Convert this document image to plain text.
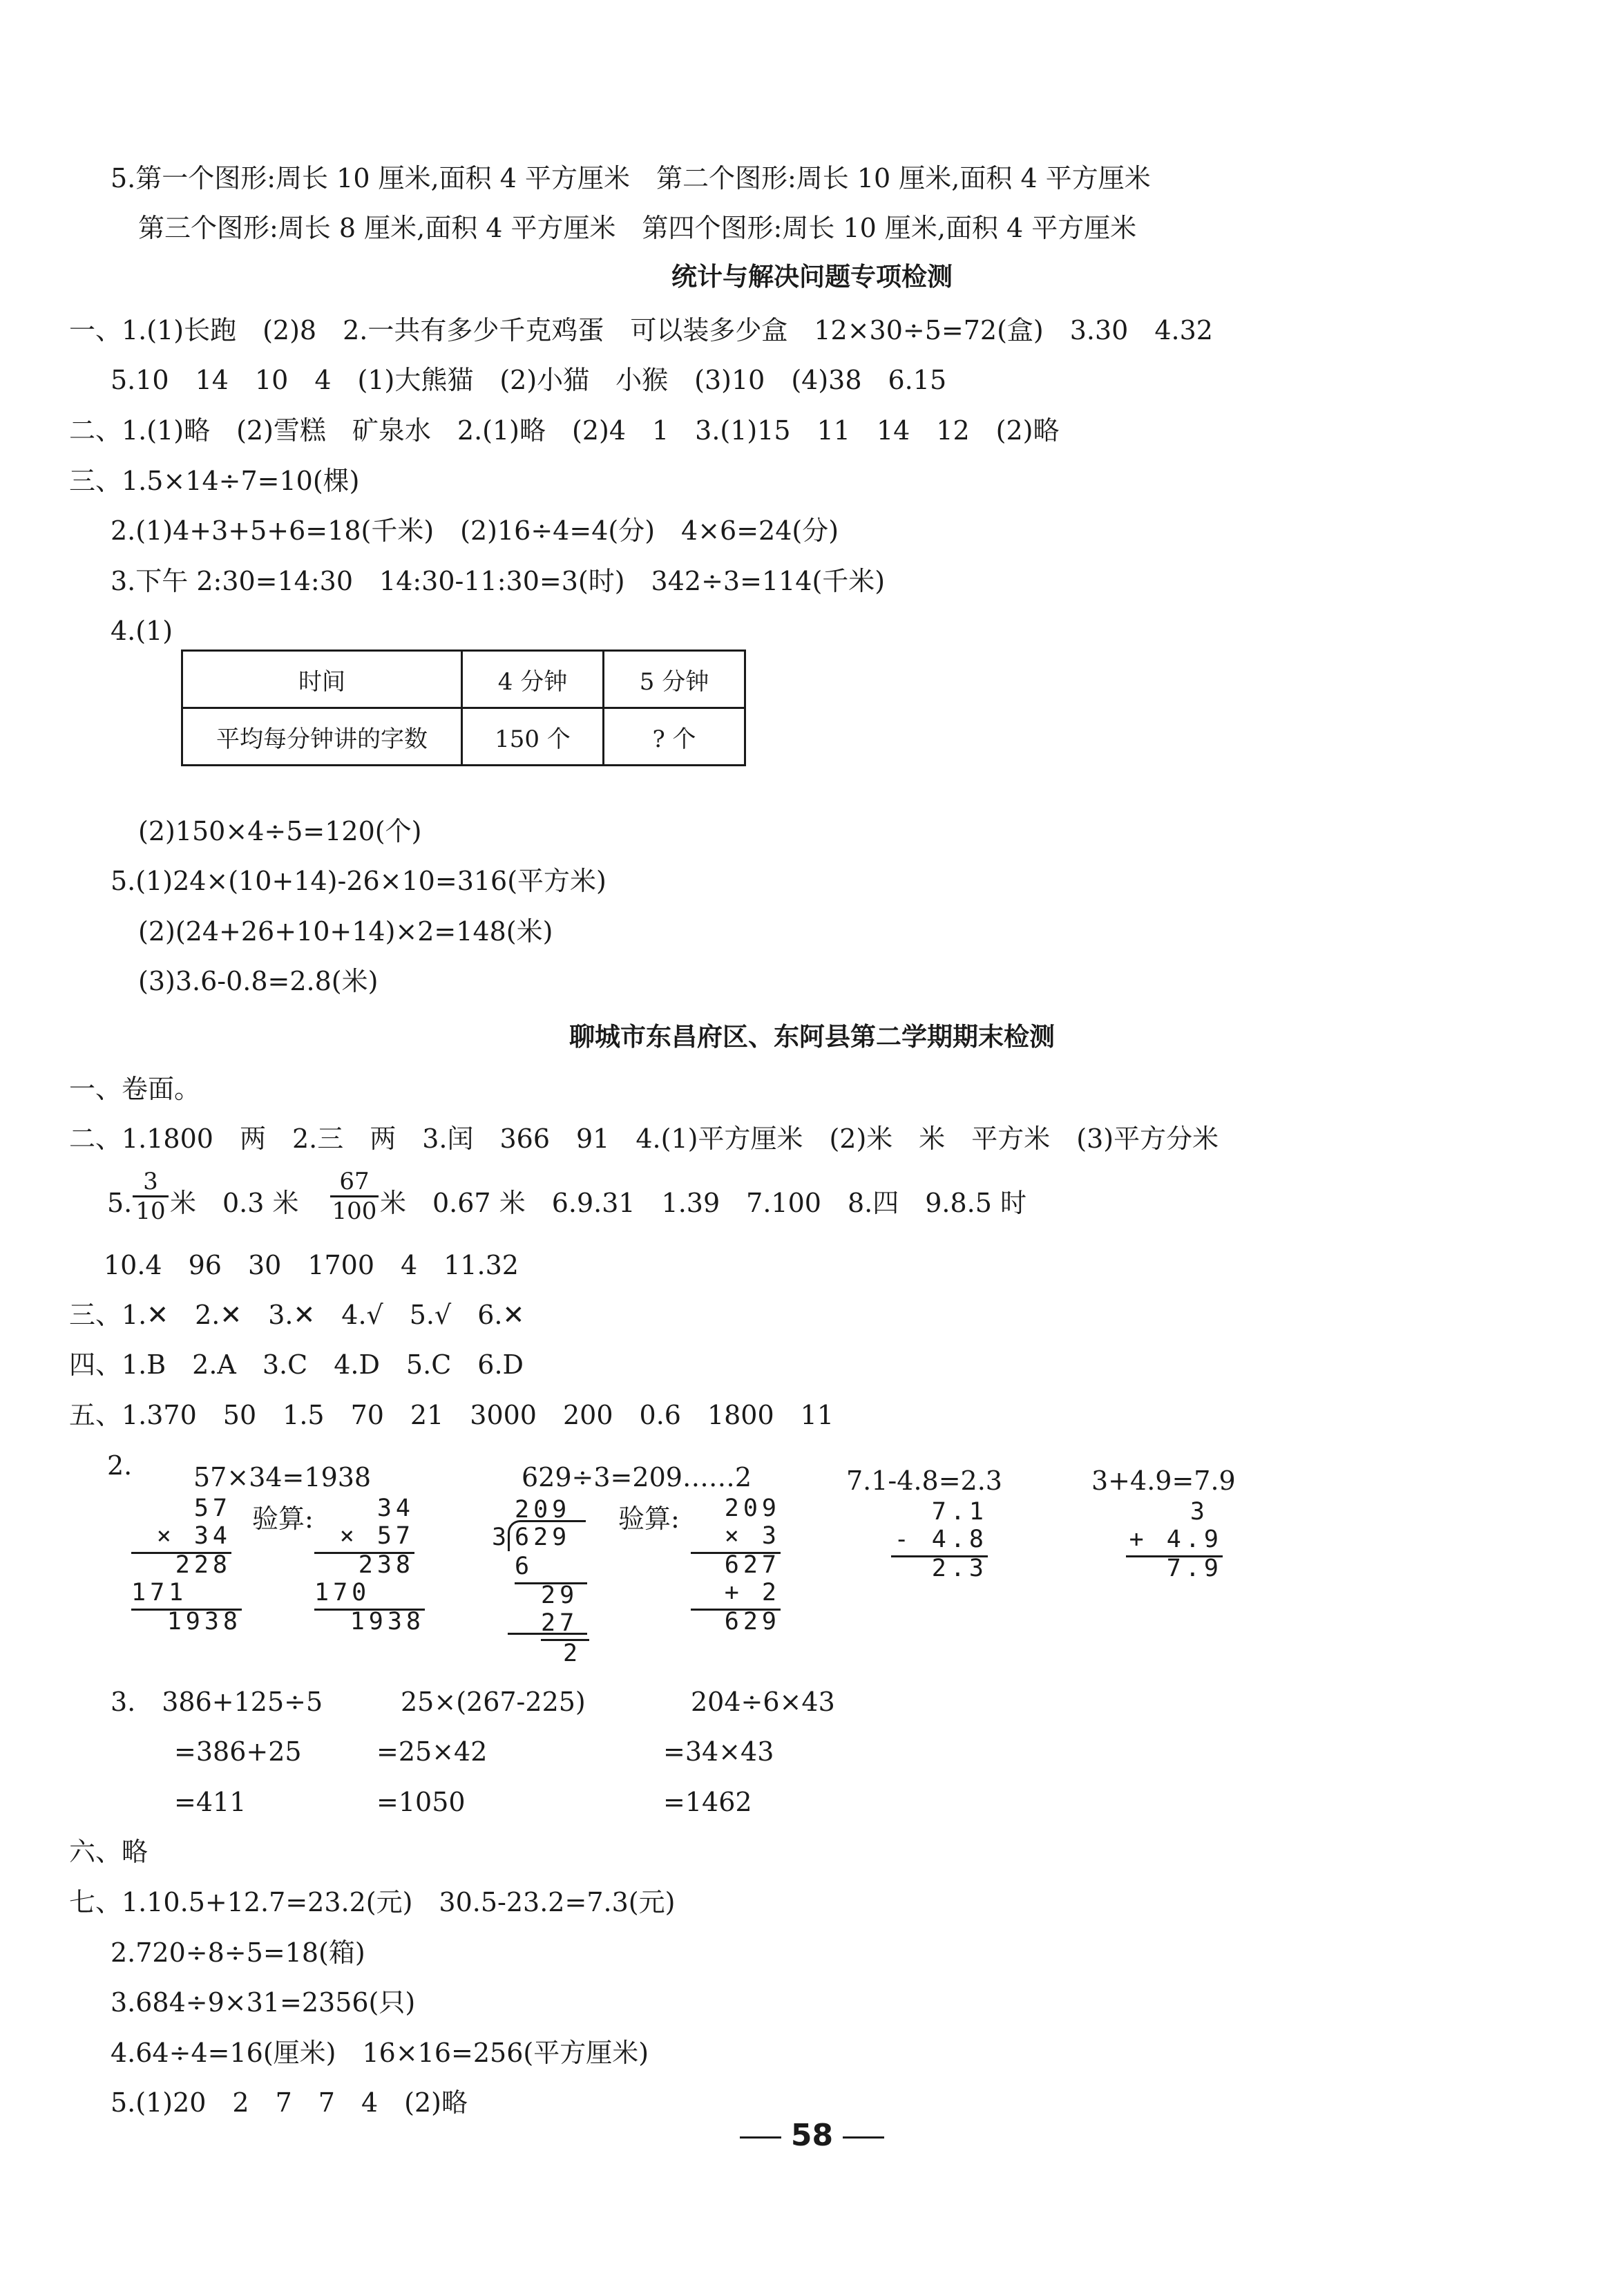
5.第一个图形:周长 10 厘米,面积 4 平方厘米　第二个图形:周长 10 厘米,面积 4 平方厘米
第三个图形:周长 8 厘米,面积 4 平方厘米　第四个图形:周长 10 厘米,面积 4 平方厘米
统计与解决问题专项检测
一、1.(1)长跑　(2)8　2.一共有多少千克鸡蛋　可以装多少盒　12×30÷5=72(盒)　3.30　4.32
5.10　14　10　4　(1)大熊猫　(2)小猫　小猴　(3)10　(4)38　6.15
二、1.(1)略　(2)雪糕　矿泉水　2.(1)略　(2)4　1　3.(1)15　11　14　12　(2)略
三、1.5×14÷7=10(棵)
2.(1)4+3+5+6=18(千米)　(2)16÷4=4(分)　4×6=24(分)
3.下午 2:30=14:30　14:30-11:30=3(时)　342÷3=114(千米)
4.(1)
时间	4 分钟	5 分钟
平均每分钟讲的字数	150 个	? 个
(2)150×4÷5=120(个)
5.(1)24×(10+14)-26×10=316(平方米)
(2)(24+26+10+14)×2=148(米)
(3)3.6-0.8=2.8(米)
聊城市东昌府区、东阿县第二学期期末检测
一、卷面。
二、1.1800　两　2.三　两　3.闰　366　91　4.(1)平方厘米　(2)米　米　平方米　(3)平方分米
5. $\frac{3}{10}$ 米　0.3 米 $\frac{67}{100}$ 米　0.67 米　6.9.31　1.39　7.100　8.四　9.8.5 时
10.4　96　30　1700　4　11.32
三、1.✕　2.✕　3.✕　4.√　5.√　6.✕
四、1.B　2.A　3.C　4.D　5.C　6.D
五、1.370　50　1.5　70　21　3000　200　0.6　1800　11
2. 57×34=1938
57
× 34
228
171
1938
验算:	34
× 57
238
170
1938
629÷3=209……2
209
3 629
6
29
27
2
验算:	209
× 3
627
+ 2
629
7.1-4.8=2.3
7.1
- 4.8
2.3
3+4.9=7.9
3
+ 4.9
7.9
3.　386+125÷5
=386+25
=411
25×(267-225)
=25×42
=1050
204÷6×43
=34×43
=1462
六、略
七、1.10.5+12.7=23.2(元)　30.5-23.2=7.3(元)
2.720÷8÷5=18(箱)
3.684÷9×31=2356(只)
4.64÷4=16(厘米)　16×16=256(平方厘米)
5.(1)20　2　7　7　4　(2)略
58
